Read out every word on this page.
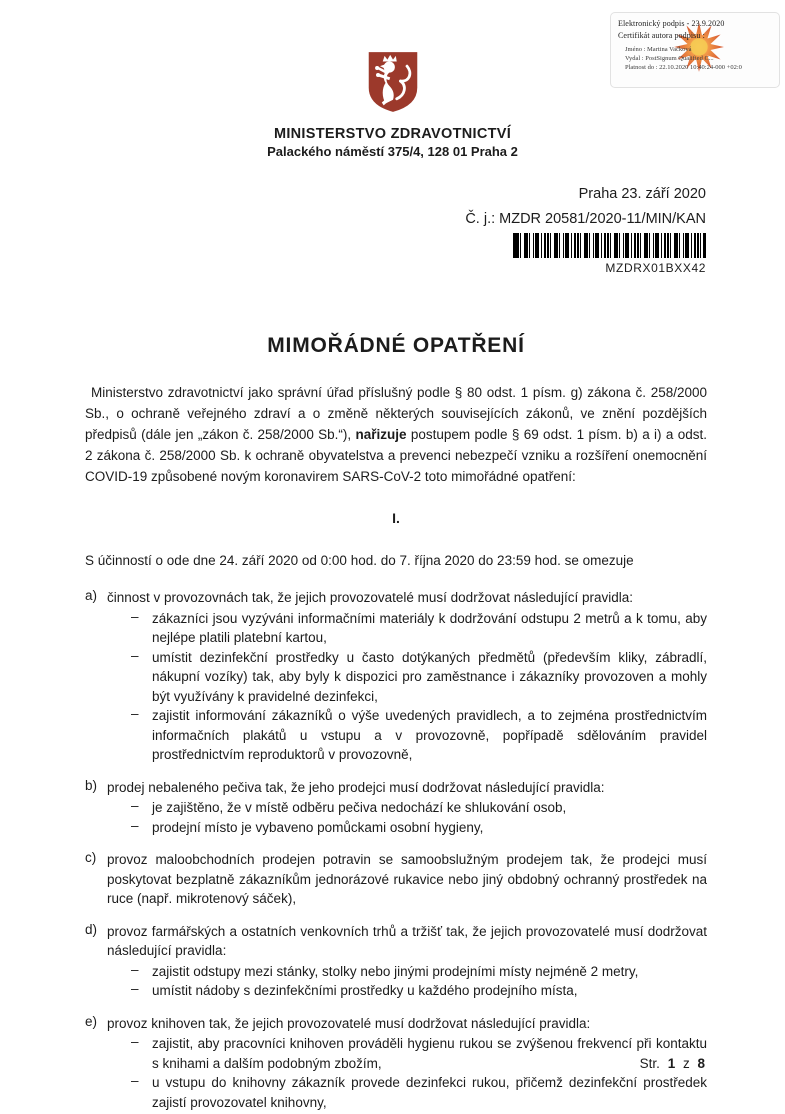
Elektronický podpis - 23.9.2020
Certifikát autora podpisu :
Jméno : Martina Vačková
Vydal : PostSignum Qualified C...
Platnost do : 22.10.2020 10:40:24-000 +02:0
MINISTERSTVO ZDRAVOTNICTVÍ
Palackého náměstí 375/4, 128 01 Praha 2
Praha 23. září 2020
Č. j.: MZDR 20581/2020-11/MIN/KAN
MZDRX01BXX42
MIMOŘÁDNÉ OPATŘENÍ

Ministerstvo zdravotnictví jako správní úřad příslušný podle § 80 odst. 1 písm. g) zákona č. 258/2000 Sb., o ochraně veřejného zdraví a o změně některých souvisejících zákonů, ve znění pozdějších předpisů (dále jen „zákon č. 258/2000 Sb.“), nařizuje postupem podle § 69 odst. 1 písm. b) a i) a odst. 2 zákona č. 258/2000 Sb. k ochraně obyvatelstva a prevenci nebezpečí vzniku a rozšíření onemocnění COVID-19 způsobené novým koronavirem SARS-CoV-2 toto mimořádné opatření:

I.

S účinností o ode dne 24. září 2020 od 0:00 hod. do 7. října 2020 do 23:59 hod. se omezuje

a) činnost v provozovnách tak, že jejich provozovatelé musí dodržovat následující pravidla:
– zákazníci jsou vyzýváni informačními materiály k dodržování odstupu 2 metrů a k tomu, aby nejlépe platili platební kartou,
– umístit dezinfekční prostředky u často dotýkaných předmětů (především kliky, zábradlí, nákupní vozíky) tak, aby byly k dispozici pro zaměstnance i zákazníky provozoven a mohly být využívány k pravidelné dezinfekci,
– zajistit informování zákazníků o výše uvedených pravidlech, a to zejména prostřednictvím informačních plakátů u vstupu a v provozovně, popřípadě sdělováním pravidel prostřednictvím reproduktorů v provozovně,
b) prodej nebaleného pečiva tak, že jeho prodejci musí dodržovat následující pravidla:
– je zajištěno, že v místě odběru pečiva nedochází ke shlukování osob,
– prodejní místo je vybaveno pomůckami osobní hygieny,
c) provoz maloobchodních prodejen potravin se samoobslužným prodejem tak, že prodejci musí poskytovat bezplatně zákazníkům jednorázové rukavice nebo jiný obdobný ochranný prostředek na ruce (např. mikrotenový sáček),
d) provoz farmářských a ostatních venkovních trhů a tržišť tak, že jejich provozovatelé musí dodržovat následující pravidla:
– zajistit odstupy mezi stánky, stolky nebo jinými prodejními místy nejméně 2 metry,
– umístit nádoby s dezinfekčními prostředky u každého prodejního místa,
e) provoz knihoven tak, že jejich provozovatelé musí dodržovat následující pravidla:
– zajistit, aby pracovníci knihoven prováděli hygienu rukou se zvýšenou frekvencí při kontaktu s knihami a dalším podobným zbožím,
– u vstupu do knihovny zákazník provede dezinfekci rukou, přičemž dezinfekční prostředek zajistí provozovatel knihovny,
Str. 1 z 8
